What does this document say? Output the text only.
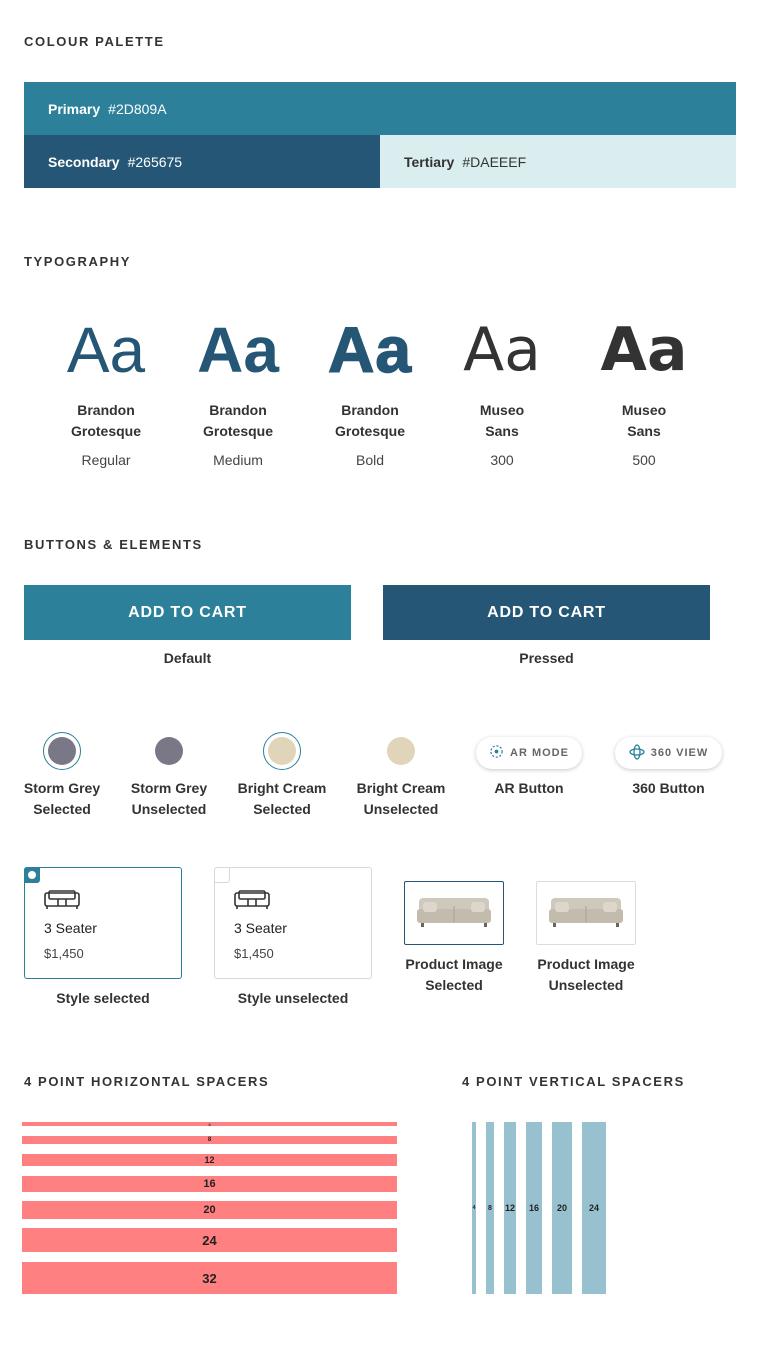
COLOUR PALETTE
Primary #2D809A
Secondary #265675	Tertiary #DAEEEF
TYPOGRAPHY
Aa
Brandon
Grotesque
Regular
Aa
Brandon
Grotesque
Medium
Aa
Brandon
Grotesque
Bold
Aa
Museo
Sans
300
Aa
Museo
Sans
500
BUTTONS & ELEMENTS
ADD TO CART
Default
ADD TO CART
Pressed
Storm Grey
Selected
Storm Grey
Unselected
Bright Cream
Selected
Bright Cream
Unselected
AR MODE
AR Button
360 VIEW
360 Button
3 Seater
$1,450
Style selected
3 Seater
$1,450
Style unselected
Product Image
Selected
Product Image
Unselected
4 POINT HORIZONTAL SPACERS	4 POINT VERTICAL SPACERS
4
8
12
16
20
24
32
4 8 12	16	20	24
